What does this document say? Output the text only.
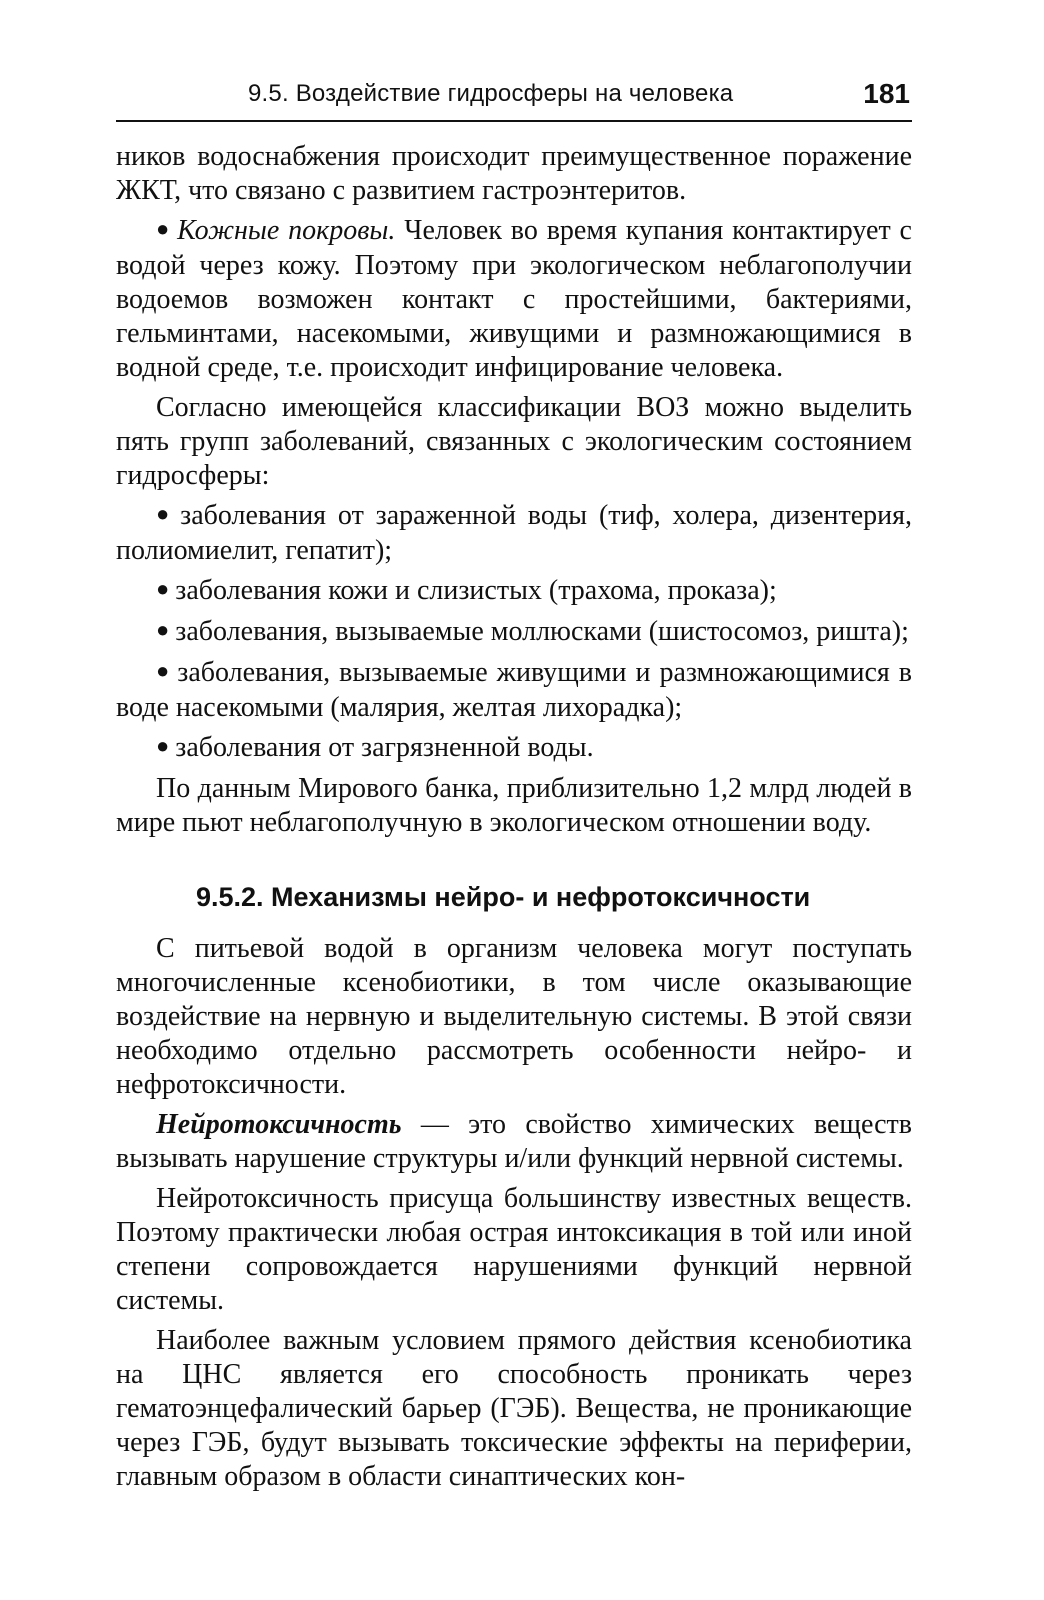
9.5. Воздействие гидросферы на человека	181

ников водоснабжения происходит преимущественное поражение ЖКТ, что связано с развитием гастроэнтеритов.

● Кожные покровы. Человек во время купания контактирует с водой через кожу. Поэтому при экологическом неблагополучии водоемов возможен контакт с простейшими, бактериями, гельминтами, насекомыми, живущими и размножающимися в водной среде, т.е. происходит инфицирование человека.

Согласно имеющейся классификации ВОЗ можно выделить пять групп заболеваний, связанных с экологическим состоянием гидросферы:

● заболевания от зараженной воды (тиф, холера, дизентерия, полиомиелит, гепатит);

● заболевания кожи и слизистых (трахома, проказа);

● заболевания, вызываемые моллюсками (шистосомоз, ришта);

● заболевания, вызываемые живущими и размножающимися в воде насекомыми (малярия, желтая лихорадка);

● заболевания от загрязненной воды.

По данным Мирового банка, приблизительно 1,2 млрд людей в мире пьют неблагополучную в экологическом отношении воду.

9.5.2. Механизмы нейро- и нефротоксичности

С питьевой водой в организм человека могут поступать многочисленные ксенобиотики, в том числе оказывающие воздействие на нервную и выделительную системы. В этой связи необходимо отдельно рассмотреть особенности нейро- и нефротоксичности.

Нейротоксичность — это свойство химических веществ вызывать нарушение структуры и/или функций нервной системы.

Нейротоксичность присуща большинству известных веществ. Поэтому практически любая острая интоксикация в той или иной степени сопровождается нарушениями функций нервной системы.

Наиболее важным условием прямого действия ксенобиотика на ЦНС является его способность проникать через гематоэнцефалический барьер (ГЭБ). Вещества, не проникающие через ГЭБ, будут вызывать токсические эффекты на периферии, главным образом в области синаптических кон-
